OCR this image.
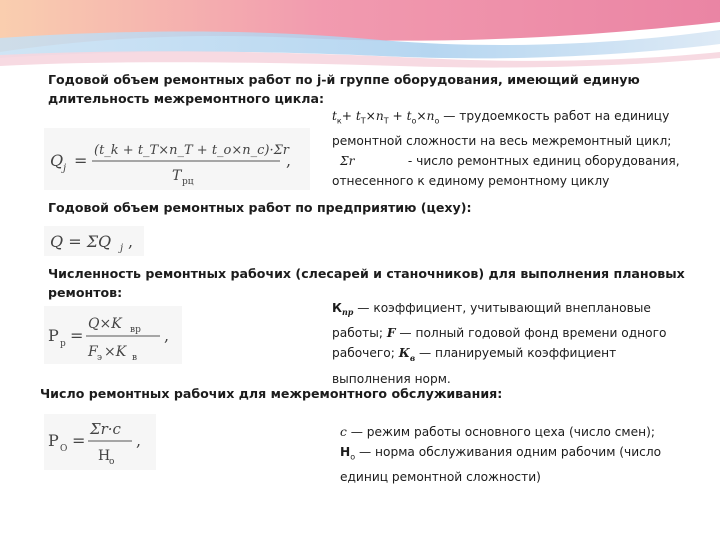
Годовой объем ремонтных работ по j-й группе оборудования, имеющий единую
длительность межремонтного цикла:

Q j =
(t_k + t_T×n_T + t_o×n_c)·Σr
T рц
,

$t_к+ t_Т\times n_Т + t_o\times n_o$ — трудоемкость работ на единицу
ремонтной сложности на весь межремонтный цикл;
Σr	- число ремонтных единиц оборудования,
отнесенного к единому ремонтному циклу

Годовой объем ремонтных работ по предприятию (цеху):

Q = ΣQ j ,

Численность ремонтных рабочих (слесарей и станочников) для выполнения плановых
ремонтов:

P р =
Q×K вр
F э ×K в
,

$К_{пр}$ — коэффициент, учитывающий внеплановые
работы; F — полный годовой фонд времени одного
рабочего; $К_в$ — планируемый коэффициент
выполнения норм.

Число ремонтных рабочих для межремонтного обслуживания:

P О =
Σr·c
H
о
,	c — режим работы основного цеха (число смен);
$Н_о$ — норма обслуживания одним рабочим (число
единиц ремонтной сложности)
